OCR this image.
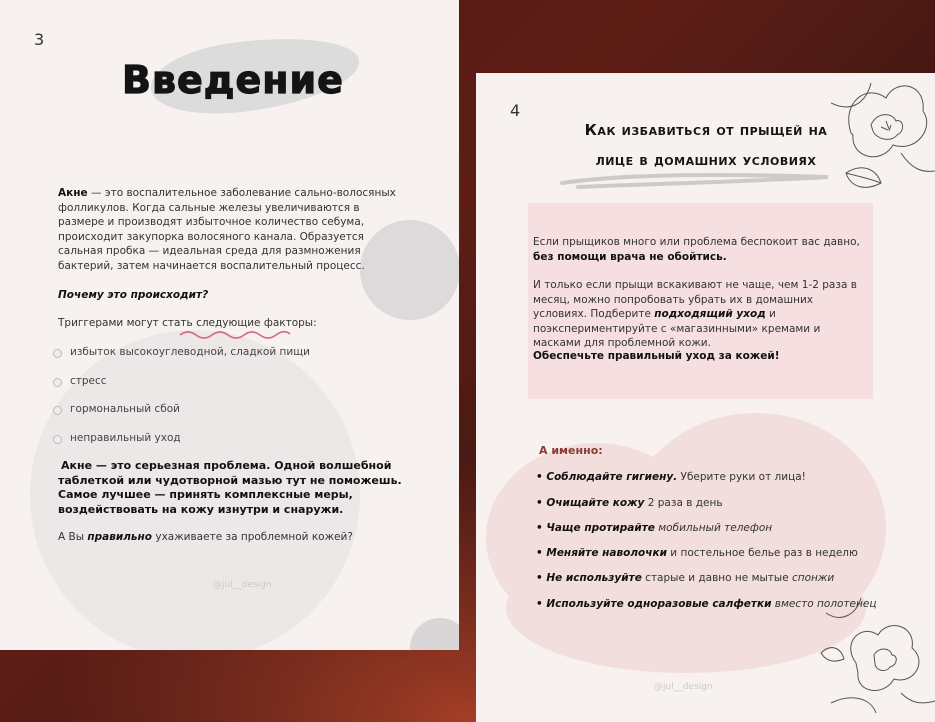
3
Введение
Акне — это воспалительное заболевание сально-волосяных фолликулов. Когда сальные железы увеличиваются в размере и производят избыточное количество себума, происходит закупорка волосяного канала. Образуется сальная пробка — идеальная среда для размножения бактерий, затем начинается воспалительный процесс.
Почему это происходит?
Триггерами могут стать следующие факторы:
избыток высокоуглеводной, сладкой пищи
стресс
гормональный сбой
неправильный уход
Акне — это серьезная проблема. Одной волшебной таблеткой или чудотворной мазью тут не поможешь. Самое лучшее — принять комплексные меры, воздействовать на кожу изнутри и снаружи.
А Вы правильно ухаживаете за проблемной кожей?
@jul__design
4
Как избавиться от прыщей на
лице в домашних условиях
Если прыщиков много или проблема беспокоит вас давно, без помощи врача не обойтись.
И только если прыщи вскакивают не чаще, чем 1-2 раза в месяц, можно попробовать убрать их в домашних условиях. Подберите подходящий уход и поэкспериментируйте с «магазинными» кремами и масками для проблемной кожи.
Обеспечьте правильный уход за кожей!
А именно:
• Соблюдайте гигиену. Уберите руки от лица!
• Очищайте кожу 2 раза в день
• Чаще протирайте мобильный телефон
• Меняйте наволочки и постельное белье раз в неделю
• Не используйте старые и давно не мытые спонжи
• Используйте одноразовые салфетки вместо полотенец
@jul__design
